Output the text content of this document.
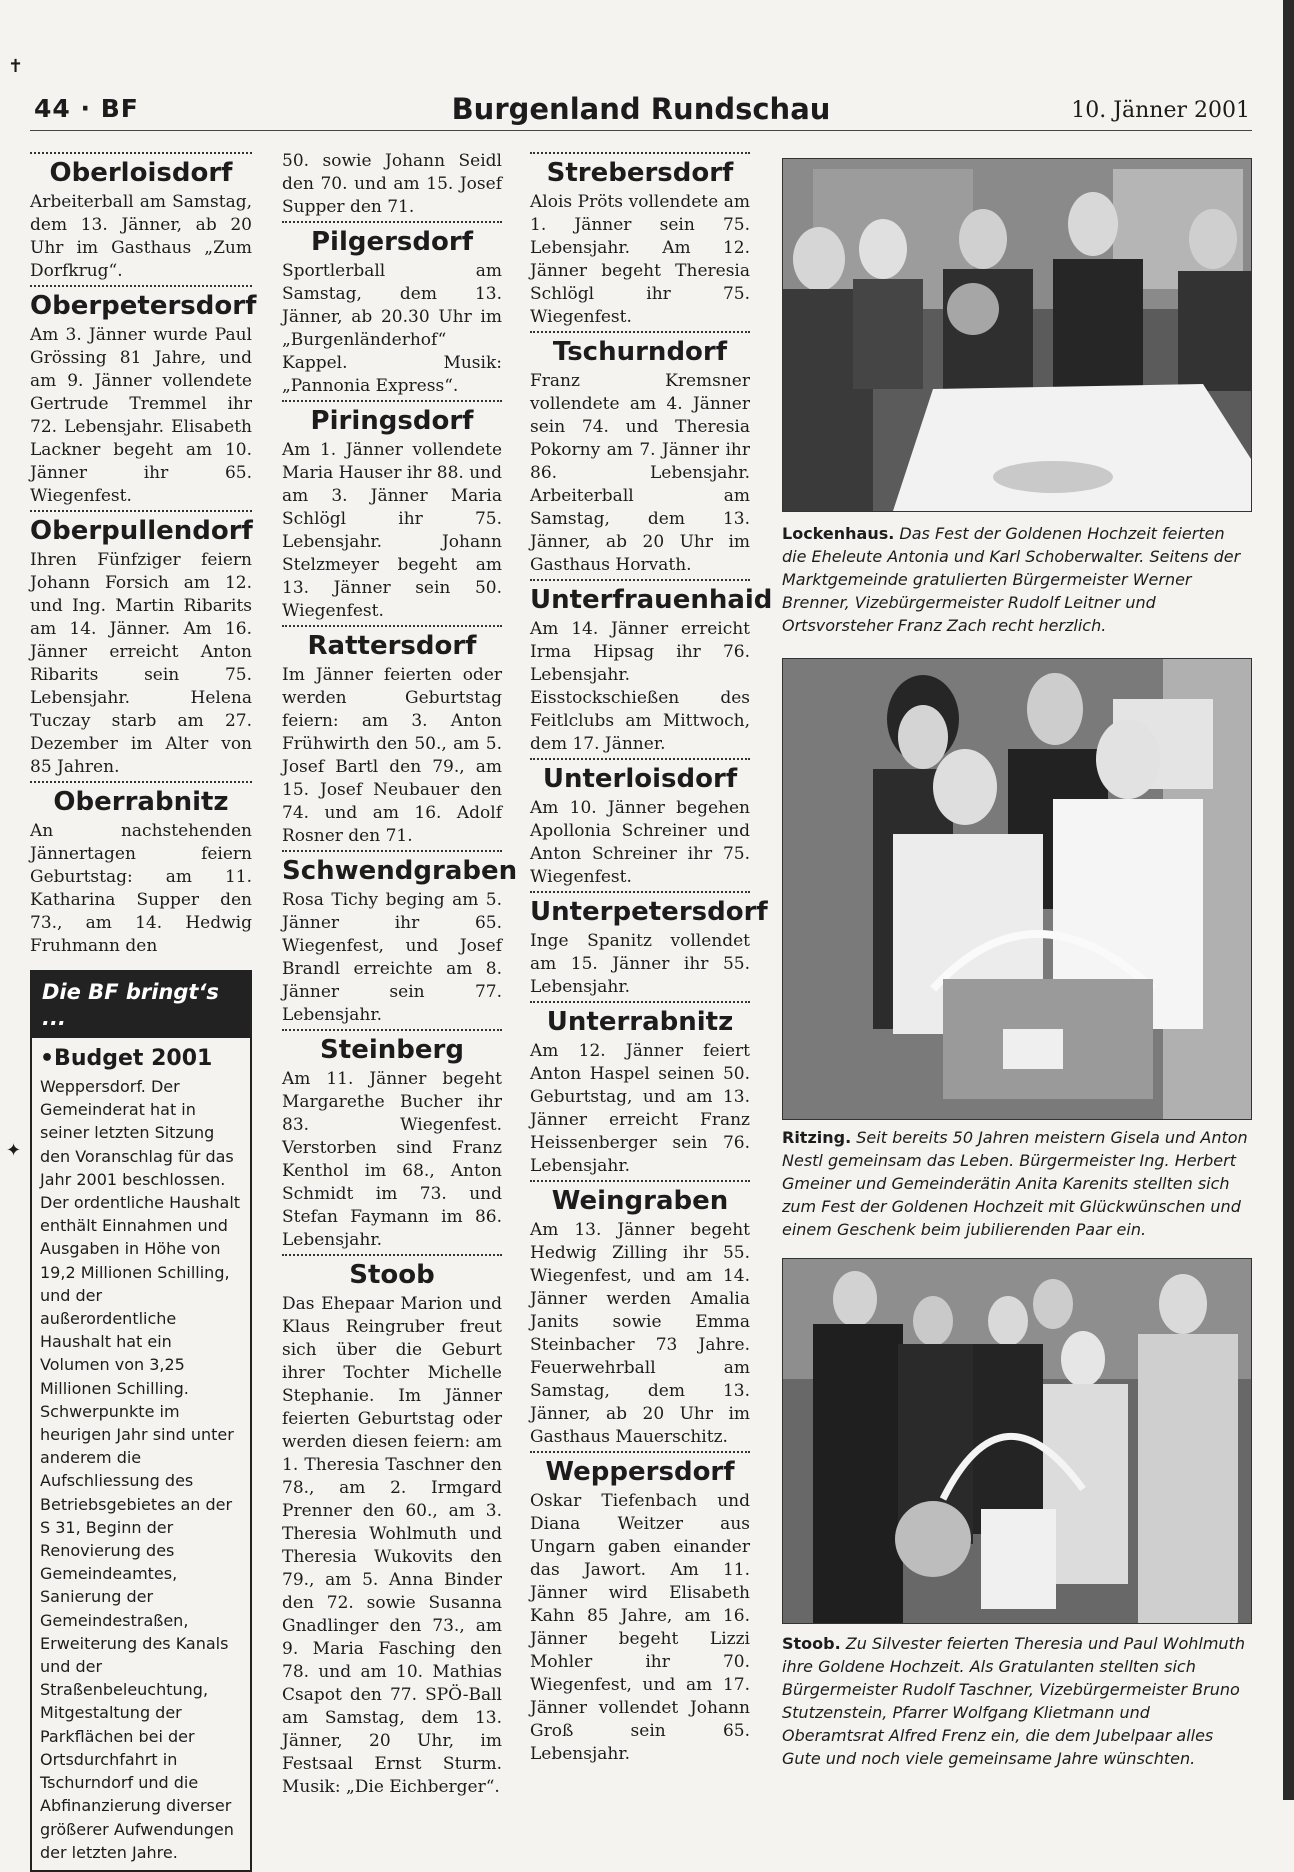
✝
✦
44 · BF	Burgenland Rundschau	10. Jänner 2001
Oberloisdorf

Arbeiterball am Samstag, dem 13. Jänner, ab 20 Uhr im Gasthaus „Zum Dorfkrug“.

Oberpetersdorf

Am 3. Jänner wurde Paul Grössing 81 Jahre, und am 9. Jänner vollendete Gertrude Tremmel ihr 72. Lebensjahr. Elisabeth Lackner begeht am 10. Jänner ihr 65. Wiegenfest.

Oberpullendorf

Ihren Fünfziger feiern Johann Forsich am 12. und Ing. Martin Ribarits am 14. Jänner. Am 16. Jänner erreicht Anton Ribarits sein 75. Lebensjahr. Helena Tuczay starb am 27. Dezember im Alter von 85 Jahren.

Oberrabnitz

An nachstehenden Jännertagen feiern Geburtstag: am 11. Katharina Supper den 73., am 14. Hedwig Fruhmann den

Die BF bringt‘s ...
•Budget 2001

Weppersdorf. Der Gemeinderat hat in seiner letzten Sitzung den Voranschlag für das Jahr 2001 beschlossen. Der ordentliche Haushalt enthält Einnahmen und Ausgaben in Höhe von 19,2 Millionen Schilling, und der außerordentliche Haushalt hat ein Volumen von 3,25 Millionen Schilling. Schwerpunkte im heurigen Jahr sind unter anderem die Aufschliessung des Betriebsgebietes an der S 31, Beginn der Renovierung des Gemeindeamtes, Sanierung der Gemeindestraßen, Erweiterung des Kanals und der Straßenbeleuchtung, Mitgestaltung der Parkflächen bei der Ortsdurchfahrt in Tschurndorf und die Abfinanzierung diverser größerer Aufwendungen der letzten Jahre.

50. sowie Johann Seidl den 70. und am 15. Josef Supper den 71.

Pilgersdorf

Sportlerball am Samstag, dem 13. Jänner, ab 20.30 Uhr im „Burgenländerhof“ Kappel. Musik: „Pannonia Express“.

Piringsdorf

Am 1. Jänner vollendete Maria Hauser ihr 88. und am 3. Jänner Maria Schlögl ihr 75. Lebensjahr. Johann Stelzmeyer begeht am 13. Jänner sein 50. Wiegenfest.

Rattersdorf

Im Jänner feierten oder werden Geburtstag feiern: am 3. Anton Frühwirth den 50., am 5. Josef Bartl den 79., am 15. Josef Neubauer den 74. und am 16. Adolf Rosner den 71.

Schwendgraben

Rosa Tichy beging am 5. Jänner ihr 65. Wiegenfest, und Josef Brandl erreichte am 8. Jänner sein 77. Lebensjahr.

Steinberg

Am 11. Jänner begeht Margarethe Bucher ihr 83. Wiegenfest. Verstorben sind Franz Kenthol im 68., Anton Schmidt im 73. und Stefan Faymann im 86. Lebensjahr.

Stoob

Das Ehepaar Marion und Klaus Reingruber freut sich über die Geburt ihrer Tochter Michelle Stephanie. Im Jänner feierten Geburtstag oder werden diesen feiern: am 1. Theresia Taschner den 78., am 2. Irmgard Prenner den 60., am 3. Theresia Wohlmuth und Theresia Wukovits den 79., am 5. Anna Binder den 72. sowie Susanna Gnadlinger den 73., am 9. Maria Fasching den 78. und am 10. Mathias Csapot den 77. SPÖ-Ball am Samstag, dem 13. Jänner, 20 Uhr, im Festsaal Ernst Sturm. Musik: „Die Eichberger“.

Strebersdorf

Alois Pröts vollendete am 1. Jänner sein 75. Lebensjahr. Am 12. Jänner begeht Theresia Schlögl ihr 75. Wiegenfest.

Tschurndorf

Franz Kremsner vollendete am 4. Jänner sein 74. und Theresia Pokorny am 7. Jänner ihr 86. Lebensjahr. Arbeiterball am Samstag, dem 13. Jänner, ab 20 Uhr im Gasthaus Horvath.

Unterfrauenhaid

Am 14. Jänner erreicht Irma Hipsag ihr 76. Lebensjahr. Eisstockschießen des Feitlclubs am Mittwoch, dem 17. Jänner.

Unterloisdorf

Am 10. Jänner begehen Apollonia Schreiner und Anton Schreiner ihr 75. Wiegenfest.

Unterpetersdorf

Inge Spanitz vollendet am 15. Jänner ihr 55. Lebensjahr.

Unterrabnitz

Am 12. Jänner feiert Anton Haspel seinen 50. Geburtstag, und am 13. Jänner erreicht Franz Heissenberger sein 76. Lebensjahr.

Weingraben

Am 13. Jänner begeht Hedwig Zilling ihr 55. Wiegenfest, und am 14. Jänner werden Amalia Janits sowie Emma Steinbacher 73 Jahre. Feuerwehrball am Samstag, dem 13. Jänner, ab 20 Uhr im Gasthaus Mauerschitz.

Weppersdorf

Oskar Tiefenbach und Diana Weitzer aus Ungarn gaben einander das Jawort. Am 11. Jänner wird Elisabeth Kahn 85 Jahre, am 16. Jänner begeht Lizzi Mohler ihr 70. Wiegenfest, und am 17. Jänner vollendet Johann Groß sein 65. Lebensjahr.

Lockenhaus. Das Fest der Goldenen Hochzeit feierten die Eheleute Antonia und Karl Schoberwalter. Seitens der Marktgemeinde gratulierten Bürgermeister Werner Brenner, Vizebürgermeister Rudolf Leitner und Ortsvorsteher Franz Zach recht herzlich.
Ritzing. Seit bereits 50 Jahren meistern Gisela und Anton Nestl gemeinsam das Leben. Bürgermeister Ing. Herbert Gmeiner und Gemeinderätin Anita Karenits stellten sich zum Fest der Goldenen Hochzeit mit Glückwünschen und einem Geschenk beim jubilierenden Paar ein.
Stoob. Zu Silvester feierten Theresia und Paul Wohlmuth ihre Goldene Hochzeit. Als Gratulanten stellten sich Bürgermeister Rudolf Taschner, Vizebürgermeister Bruno Stutzenstein, Pfarrer Wolfgang Klietmann und Oberamtsrat Alfred Frenz ein, die dem Jubelpaar alles Gute und noch viele gemeinsame Jahre wünschten.
